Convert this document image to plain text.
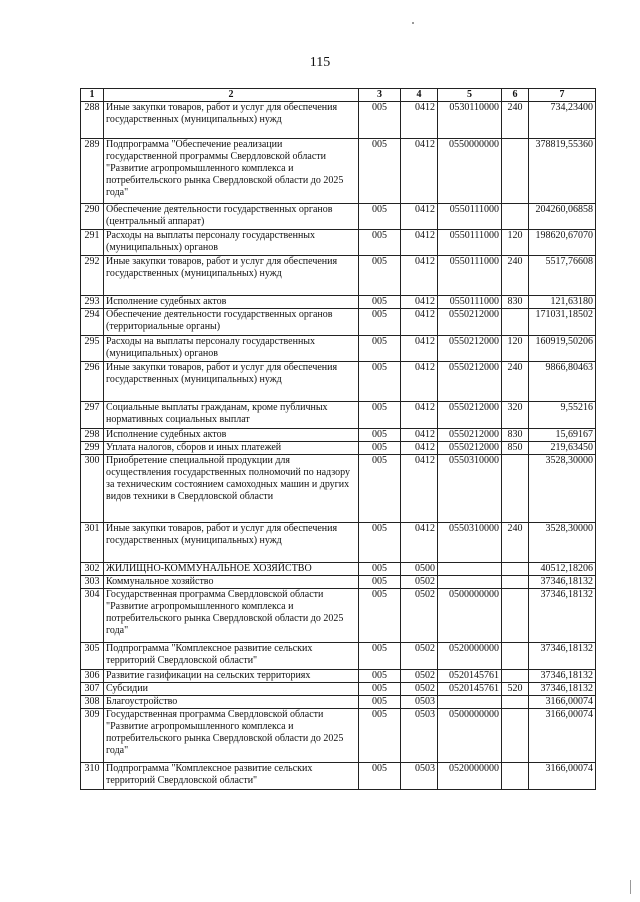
115
1	2	3	4	5	6	7
288	Иные закупки товаров, работ и услуг для обеспечения государственных (муниципальных) нужд	005	0412	0530110000	240	734,23400
289	Подпрограмма "Обеспечение реализации государственной программы Свердловской области "Развитие агропромышленного комплекса и потребительского рынка Свердловской области до 2025 года"	005	0412	0550000000		378819,55360
290	Обеспечение деятельности государственных органов (центральный аппарат)	005	0412	0550111000		204260,06858
291	Расходы на выплаты персоналу государственных (муниципальных) органов	005	0412	0550111000	120	198620,67070
292	Иные закупки товаров, работ и услуг для обеспечения государственных (муниципальных) нужд	005	0412	0550111000	240	5517,76608
293	Исполнение судебных актов	005	0412	0550111000	830	121,63180
294	Обеспечение деятельности государственных органов (территориальные органы)	005	0412	0550212000		171031,18502
295	Расходы на выплаты персоналу государственных (муниципальных) органов	005	0412	0550212000	120	160919,50206
296	Иные закупки товаров, работ и услуг для обеспечения государственных (муниципальных) нужд	005	0412	0550212000	240	9866,80463
297	Социальные выплаты гражданам, кроме публичных нормативных социальных выплат	005	0412	0550212000	320	9,55216
298	Исполнение судебных актов	005	0412	0550212000	830	15,69167
299	Уплата налогов, сборов и иных платежей	005	0412	0550212000	850	219,63450
300	Приобретение специальной продукции для осуществления государственных полномочий по надзору за техническим состоянием самоходных машин и других видов техники в Свердловской области	005	0412	0550310000		3528,30000
301	Иные закупки товаров, работ и услуг для обеспечения государственных (муниципальных) нужд	005	0412	0550310000	240	3528,30000
302	ЖИЛИЩНО-КОММУНАЛЬНОЕ ХОЗЯЙСТВО	005	0500			40512,18206
303	Коммунальное хозяйство	005	0502			37346,18132
304	Государственная программа Свердловской области "Развитие агропромышленного комплекса и потребительского рынка Свердловской области до 2025 года"	005	0502	0500000000		37346,18132
305	Подпрограмма "Комплексное развитие сельских территорий Свердловской области"	005	0502	0520000000		37346,18132
306	Развитие газификации на сельских территориях	005	0502	0520145761		37346,18132
307	Субсидии	005	0502	0520145761	520	37346,18132
308	Благоустройство	005	0503			3166,00074
309	Государственная программа Свердловской области "Развитие агропромышленного комплекса и потребительского рынка Свердловской области до 2025 года"	005	0503	0500000000		3166,00074
310	Подпрограмма "Комплексное развитие сельских территорий Свердловской области"	005	0503	0520000000		3166,00074
